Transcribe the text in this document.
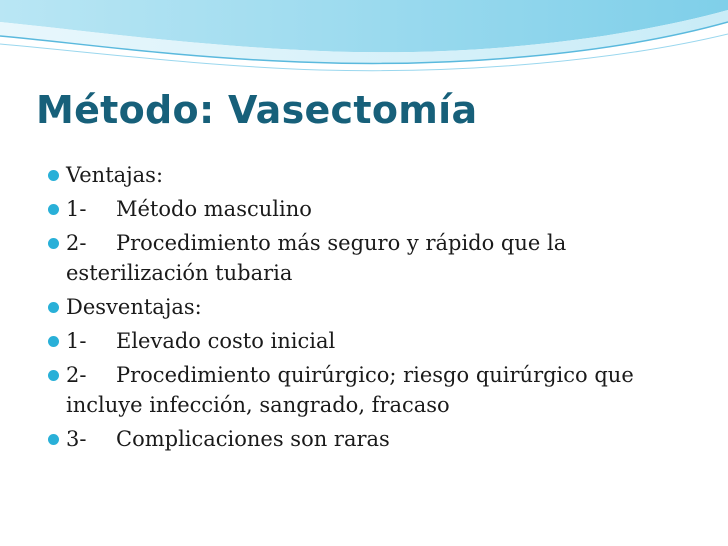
Método: Vasectomía
Ventajas:
1- Método masculino
2- Procedimiento más seguro y rápido que la
esterilización tubaria
Desventajas:
1- Elevado costo inicial
2- Procedimiento quirúrgico; riesgo quirúrgico que
incluye infección, sangrado, fracaso
3- Complicaciones son raras
